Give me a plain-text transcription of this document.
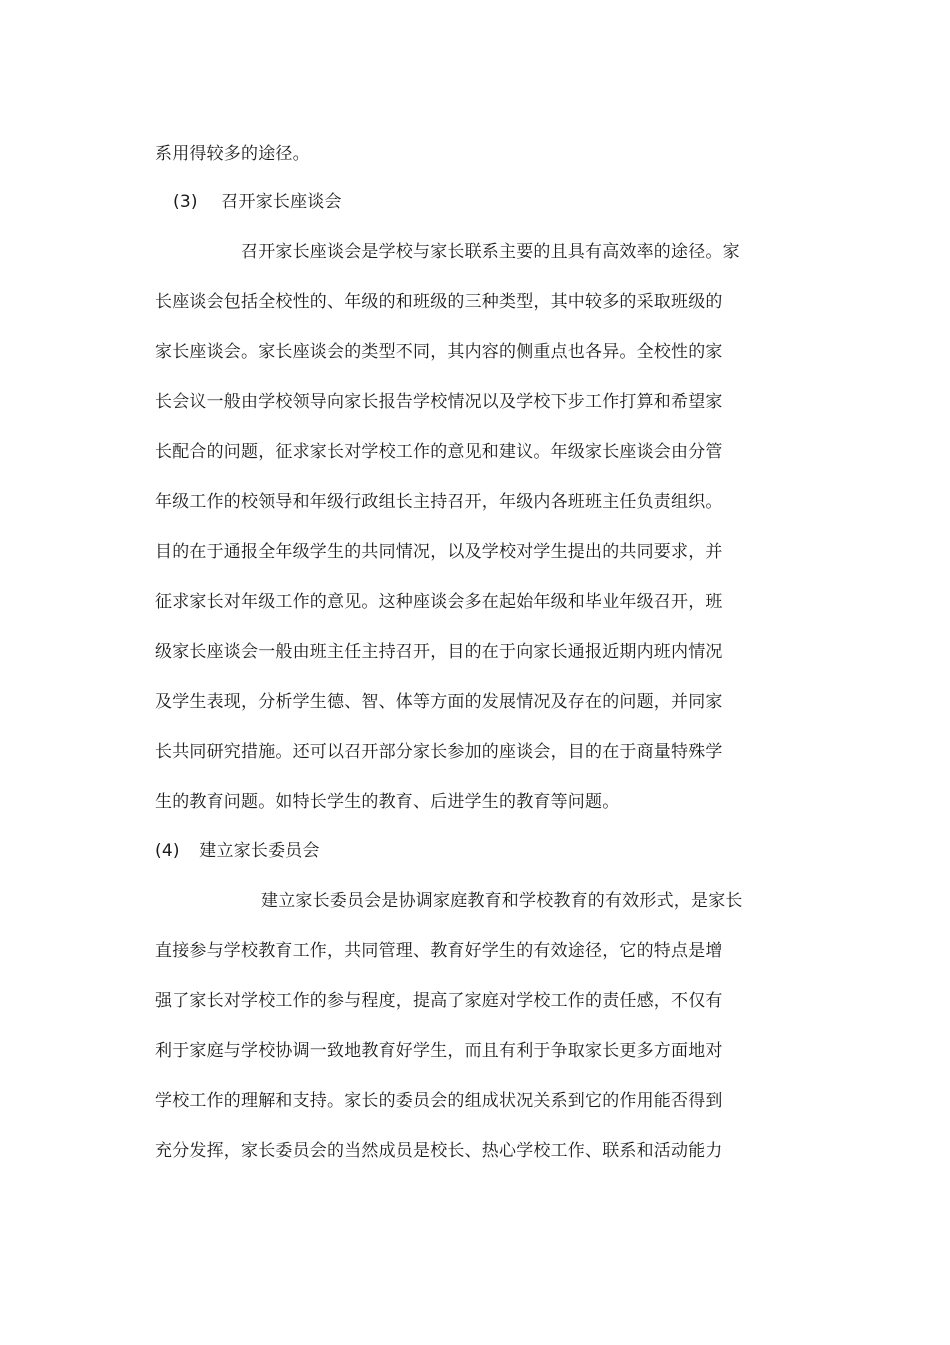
系用得较多的途径。
(3) 召开家长座谈会
召开家长座谈会是学校与家长联系主要的且具有高效率的途径。家
长座谈会包括全校性的、年级的和班级的三种类型，其中较多的采取班级的
家长座谈会。家长座谈会的类型不同，其内容的侧重点也各异。全校性的家
长会议一般由学校领导向家长报告学校情况以及学校下步工作打算和希望家
长配合的问题，征求家长对学校工作的意见和建议。年级家长座谈会由分管
年级工作的校领导和年级行政组长主持召开，年级内各班班主任负责组织。
目的在于通报全年级学生的共同情况，以及学校对学生提出的共同要求，并
征求家长对年级工作的意见。这种座谈会多在起始年级和毕业年级召开，班
级家长座谈会一般由班主任主持召开，目的在于向家长通报近期内班内情况
及学生表现，分析学生德、智、体等方面的发展情况及存在的问题，并同家
长共同研究措施。还可以召开部分家长参加的座谈会，目的在于商量特殊学
生的教育问题。如特长学生的教育、后进学生的教育等问题。
(4) 建立家长委员会
建立家长委员会是协调家庭教育和学校教育的有效形式，是家长
直接参与学校教育工作，共同管理、教育好学生的有效途径，它的特点是增
强了家长对学校工作的参与程度，提高了家庭对学校工作的责任感，不仅有
利于家庭与学校协调一致地教育好学生，而且有利于争取家长更多方面地对
学校工作的理解和支持。家长的委员会的组成状况关系到它的作用能否得到
充分发挥，家长委员会的当然成员是校长、热心学校工作、联系和活动能力
